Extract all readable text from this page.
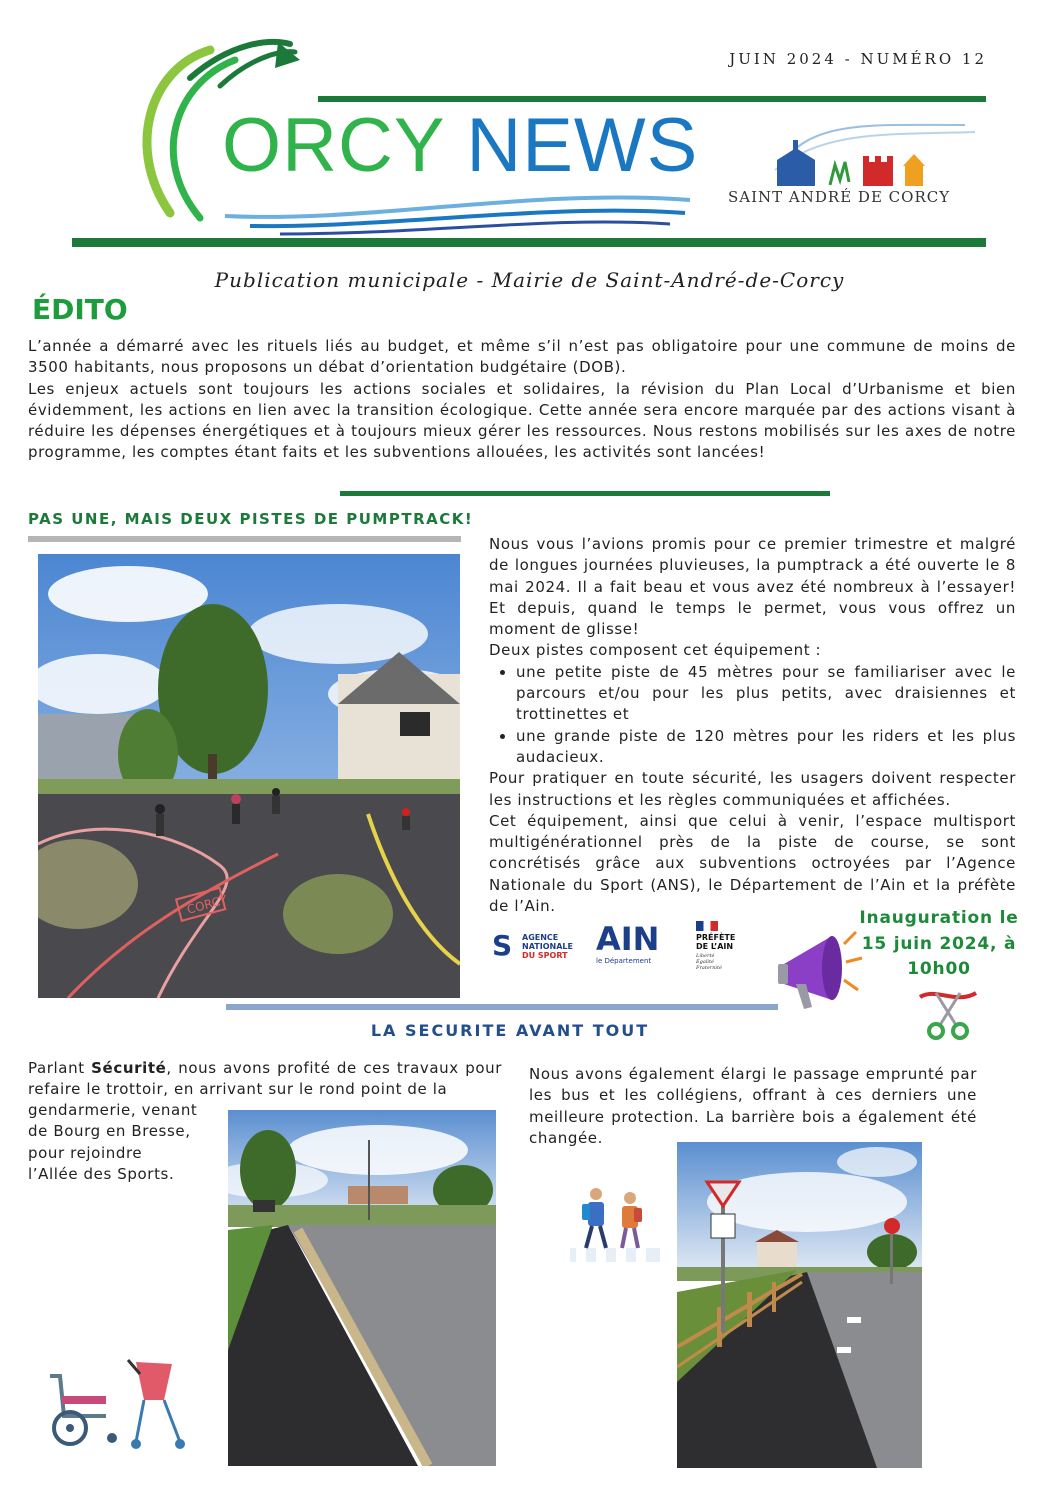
JUIN 2024 - NUMÉRO 12
ORCY NEWS
SAINT ANDRÉ DE CORCY
Publication municipale - Mairie de Saint-André-de-Corcy
ÉDITO
L’année a démarré avec les rituels liés au budget, et même s’il n’est pas obligatoire pour une commune de moins de 3500 habitants, nous proposons un débat d’orientation budgétaire (DOB).
Les enjeux actuels sont toujours les actions sociales et solidaires, la révision du Plan Local d’Urbanisme et bien évidemment, les actions en lien avec la transition écologique. Cette année sera encore marquée par des actions visant à réduire les dépenses énergétiques et à toujours mieux gérer les ressources. Nous restons mobilisés sur les axes de notre programme, les comptes étant faits et les subventions allouées, les activités sont lancées!
PAS UNE, MAIS DEUX PISTES DE PUMPTRACK!
CORCY
Nous vous l’avions promis pour ce premier trimestre et malgré de longues journées pluvieuses, la pumptrack a été ouverte le 8 mai 2024. Il a fait beau et vous avez été nombreux à l’essayer! Et depuis, quand le temps le permet, vous vous offrez un moment de glisse!
Deux pistes composent cet équipement :
• une petite piste de 45 mètres pour se familiariser avec le parcours et/ou pour les plus petits, avec draisiennes et trottinettes et
• une grande piste de 120 mètres pour les riders et les plus audacieux.
Pour pratiquer en toute sécurité, les usagers doivent respecter les instructions et les règles communiquées et affichées.
Cet équipement, ainsi que celui à venir, l’espace multisport multigénérationnel près de la piste de course, se sont concrétisés grâce aux subventions octroyées par l’Agence Nationale du Sport (ANS), le Département de l’Ain et la préfète de l’Ain.
S	AGENCE
NATIONALE
DU SPORT AIN
le Département
PRÉFÈTE
DE L’AIN
Liberté
Égalité
Fraternité
Inauguration le
15 juin 2024, à
10h00
LA SECURITE AVANT TOUT
Parlant Sécurité, nous avons profité de ces travaux pour refaire le trottoir, en arrivant sur le rond point de la
gendarmerie, venant
de Bourg en Bresse,
pour rejoindre
l’Allée des Sports.
Nous avons également élargi le passage emprunté par les bus et les collégiens, offrant à ces derniers une meilleure protection. La barrière bois a également été changée.
